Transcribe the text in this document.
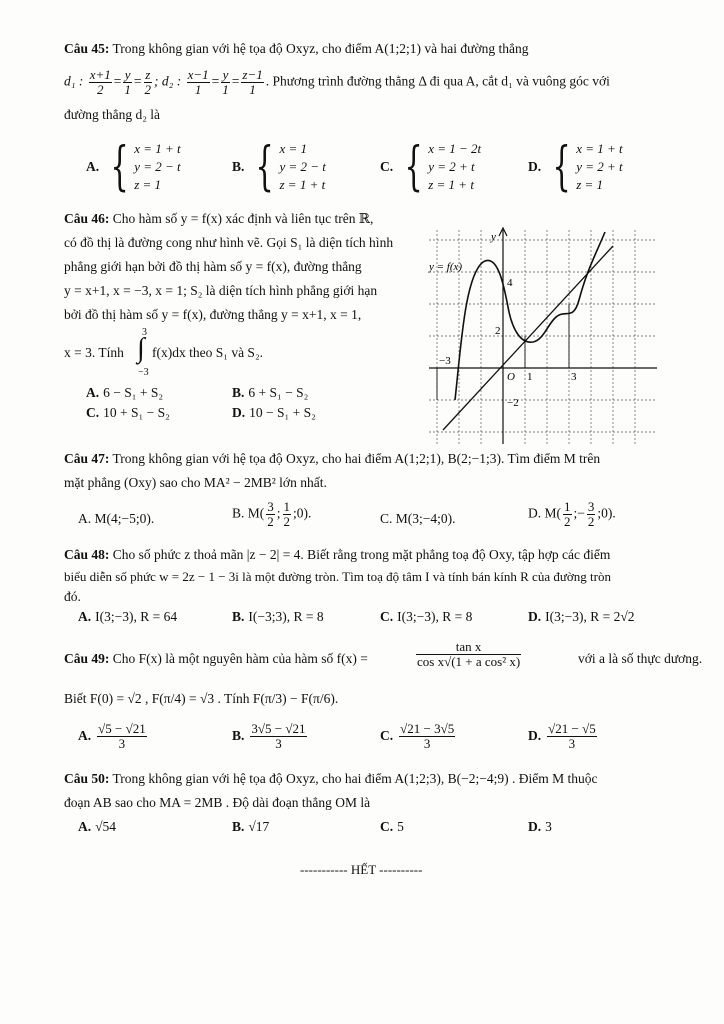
Câu 45: Trong không gian với hệ tọa độ Oxyz, cho điểm A(1;2;1) và hai đường thẳng
d₁ : $\frac{x+1}{2} = \frac{y}{1} = \frac{z}{2}$ ; d₂ : $\frac{x-1}{1} = \frac{y}{1} = \frac{z-1}{1}$ . Phương trình đường thẳng Δ đi qua A, cắt d₁ và vuông góc với
đường thẳng d₂ là
A. { x = 1 + t
y = 2 − t
z = 1
B. { x = 1
y = 2 − t
z = 1 + t
C. { x = 1 − 2t
y = 2 + t
z = 1 + t
D. { x = 1 + t
y = 2 + t
z = 1
Câu 46: Cho hàm số y = f(x) xác định và liên tục trên ℝ,
có đồ thị là đường cong như hình vẽ. Gọi S₁ là diện tích hình
phẳng giới hạn bởi đồ thị hàm số y = f(x), đường thẳng
y = x+1, x = −3, x = 1; S₂ là diện tích hình phẳng giới hạn
bởi đồ thị hàm số y = f(x), đường thẳng y = x+1, x = 1,
x = 3. Tính
3
∫
−3
f(x)dx theo S₁ và S₂.
A. 6 − S₁ + S₂	B. 6 + S₁ − S₂
C. 10 + S₁ − S₂	D. 10 − S₁ + S₂
y = f(x)
y
4
2
−3
O 1	3
−2
Câu 47: Trong không gian với hệ tọa độ Oxyz, cho hai điểm A(1;2;1), B(2;−1;3). Tìm điểm M trên
mặt phẳng (Oxy) sao cho MA² − 2MB² lớn nhất.
A. M(4;−5;0).	B. $M( \frac{3}{2}$ ; $\frac{1}{2}$ ;0).	C. M(3;−4;0).	D. $M( \frac{1}{2}$ ;− $\frac{3}{2}$ ;0).
Câu 48: Cho số phức z thoả mãn |z − 2| = 4. Biết rằng trong mặt phẳng toạ độ Oxy, tập hợp các điểm
biểu diễn số phức w = 2z − 1 − 3i là một đường tròn. Tìm toạ độ tâm I và tính bán kính R của đường tròn
đó.
A. I(3;−3), R = 64	B. I(−3;3), R = 8	C. I(3;−3), R = 8	D. I(3;−3), R = 2√2
Câu 49: Cho F(x) là một nguyên hàm của hàm số f(x) =	$\frac{\text{tan x}}{\text{cos x√(1 + a cos² x)}}$	với a là số thực dương.
Biết F(0) = √2 , F(π/4) = √3 . Tính F(π/3) − F(π/6).
A. $\frac{√5 - √21}{3}$	B. $\frac{3√5 - √21}{3}$	C. $\frac{√21 - 3√5}{3}$	D. $\frac{√21 - √5}{3}$
Câu 50: Trong không gian với hệ tọa độ Oxyz, cho hai điểm A(1;2;3), B(−2;−4;9) . Điểm M thuộc
đoạn AB sao cho MA = 2MB . Độ dài đoạn thẳng OM là
A. √54	B. √17	C. 5	D. 3
----------- HẾT ----------
